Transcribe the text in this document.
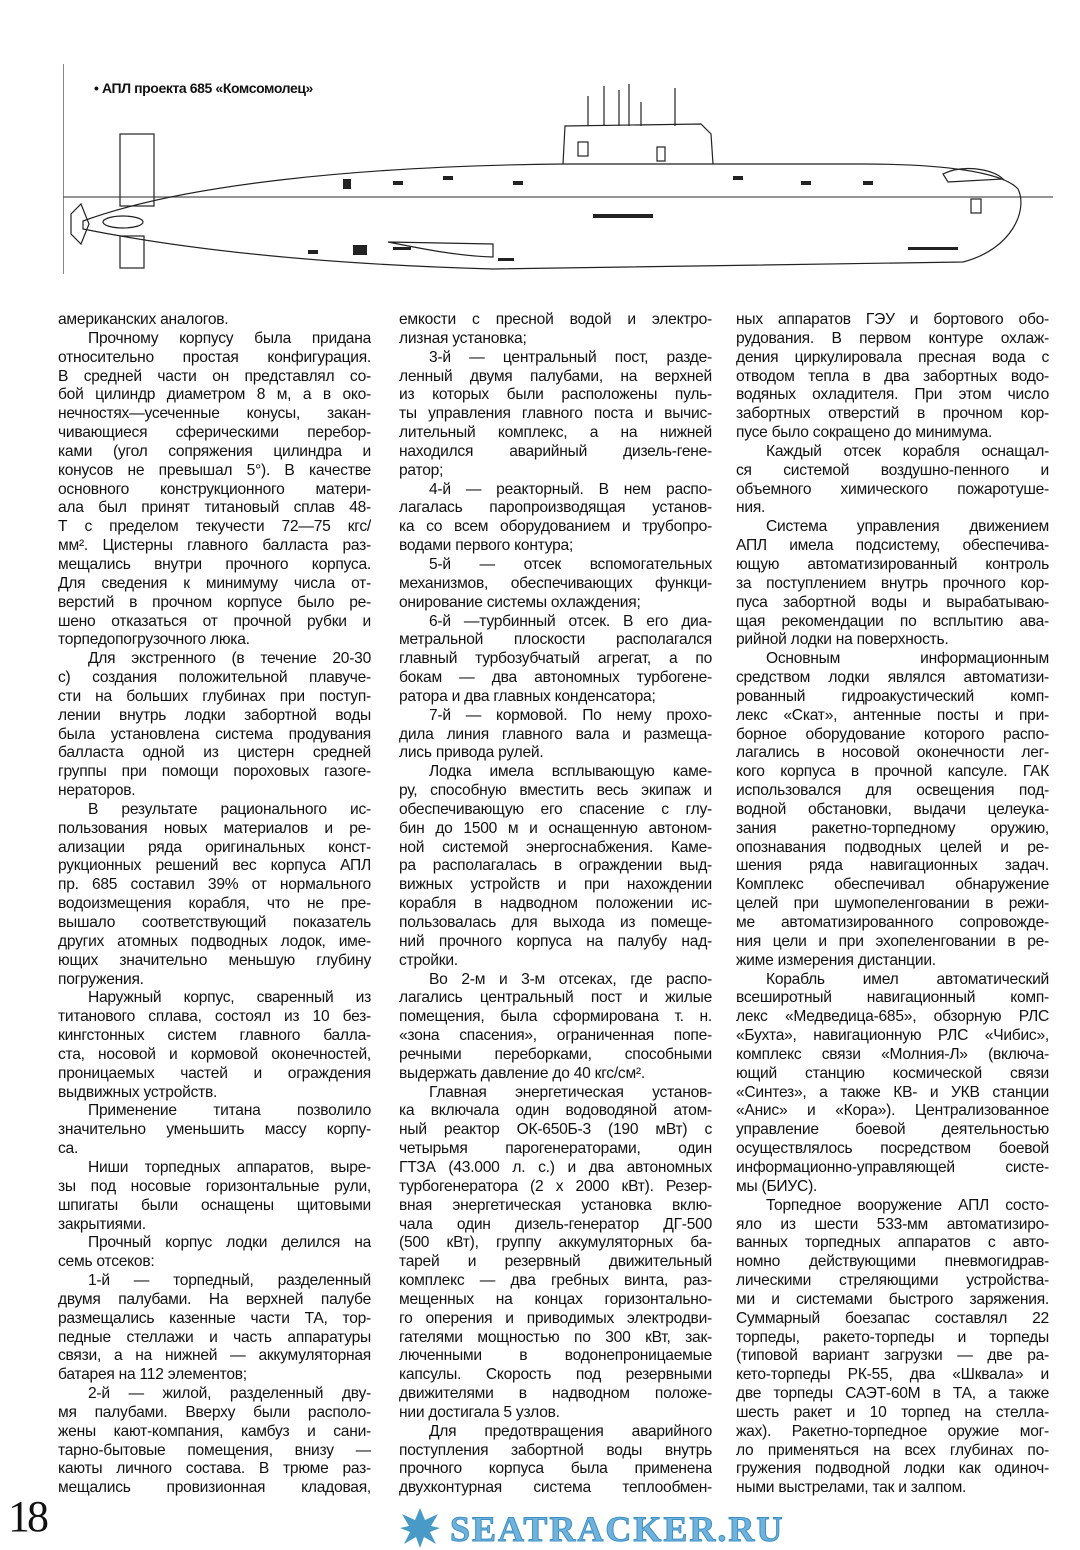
• АПЛ проекта 685 «Комсомолец»
американских аналогов.
Прочному корпусу была придана
относительно простая конфигурация.
В средней части он представлял со-
бой цилиндр диаметром 8 м, а в око-
нечностях—усеченные конусы, закан-
чивающиеся сферическими перебор-
ками (угол сопряжения цилиндра и
конусов не превышал 5°). В качестве
основного конструкционного матери-
ала был принят титановый сплав 48-
Т с пределом текучести 72—75 кгс/
мм². Цистерны главного балласта раз-
мещались внутри прочного корпуса.
Для сведения к минимуму числа от-
верстий в прочном корпусе было ре-
шено отказаться от прочной рубки и
торпедопогрузочного люка.
Для экстренного (в течение 20-30
с) создания положительной плавуче-
сти на больших глубинах при поступ-
лении внутрь лодки забортной воды
была установлена система продувания
балласта одной из цистерн средней
группы при помощи пороховых газоге-
нераторов.
В результате рационального ис-
пользования новых материалов и ре-
ализации ряда оригинальных конст-
рукционных решений вес корпуса АПЛ
пр. 685 составил 39% от нормального
водоизмещения корабля, что не пре-
вышало соответствующий показатель
других атомных подводных лодок, име-
ющих значительно меньшую глубину
погружения.
Наружный корпус, сваренный из
титанового сплава, состоял из 10 без-
кингстонных систем главного балла-
ста, носовой и кормовой оконечностей,
проницаемых частей и ограждения
выдвижных устройств.
Применение титана позволило
значительно уменьшить массу корпу-
са.
Ниши торпедных аппаратов, выре-
зы под носовые горизонтальные рули,
шпигаты были оснащены щитовыми
закрытиями.
Прочный корпус лодки делился на
семь отсеков:
1-й — торпедный, разделенный
двумя палубами. На верхней палубе
размещались казенные части ТА, тор-
педные стеллажи и часть аппаратуры
связи, а на нижней — аккумуляторная
батарея на 112 элементов;
2-й — жилой, разделенный дву-
мя палубами. Вверху были располо-
жены кают-компания, камбуз и сани-
тарно-бытовые помещения, внизу —
каюты личного состава. В трюме раз-
мещались провизионная кладовая,
емкости с пресной водой и электро-
лизная установка;
3-й — центральный пост, разде-
ленный двумя палубами, на верхней
из которых были расположены пуль-
ты управления главного поста и вычис-
лительный комплекс, а на нижней
находился аварийный дизель-гене-
ратор;
4-й — реакторный. В нем распо-
лагалась паропроизводящая установ-
ка со всем оборудованием и трубопро-
водами первого контура;
5-й — отсек вспомогательных
механизмов, обеспечивающих функци-
онирование системы охлаждения;
6-й —турбинный отсек. В его диа-
метральной плоскости располагался
главный турбозубчатый агрегат, а по
бокам — два автономных турбогене-
ратора и два главных конденсатора;
7-й — кормовой. По нему прохо-
дила линия главного вала и размеща-
лись привода рулей.
Лодка имела всплывающую каме-
ру, способную вместить весь экипаж и
обеспечивающую его спасение с глу-
бин до 1500 м и оснащенную автоном-
ной системой энергоснабжения. Каме-
ра располагалась в ограждении выд-
вижных устройств и при нахождении
корабля в надводном положении ис-
пользовалась для выхода из помеще-
ний прочного корпуса на палубу над-
стройки.
Во 2-м и 3-м отсеках, где распо-
лагались центральный пост и жилые
помещения, была сформирована т. н.
«зона спасения», ограниченная попе-
речными переборками, способными
выдержать давление до 40 кгс/см².
Главная энергетическая установ-
ка включала один водоводяной атом-
ный реактор ОК-650Б-3 (190 мВт) с
четырьмя парогенераторами, один
ГТЗА (43.000 л. с.) и два автономных
турбогенератора (2 х 2000 кВт). Резер-
вная энергетическая установка вклю-
чала один дизель-генератор ДГ-500
(500 кВт), группу аккумуляторных ба-
тарей и резервный движительный
комплекс — два гребных винта, раз-
мещенных на концах горизонтально-
го оперения и приводимых электродви-
гателями мощностью по 300 кВт, зак-
люченными в водонепроницаемые
капсулы. Скорость под резервными
движителями в надводном положе-
нии достигала 5 узлов.
Для предотвращения аварийного
поступления забортной воды внутрь
прочного корпуса была применена
двухконтурная система теплообмен-
ных аппаратов ГЭУ и бортового обо-
рудования. В первом контуре охлаж-
дения циркулировала пресная вода с
отводом тепла в два забортных водо-
водяных охладителя. При этом число
забортных отверстий в прочном кор-
пусе было сокращено до минимума.
Каждый отсек корабля оснащал-
ся системой воздушно-пенного и
объемного химического пожаротуше-
ния.
Система управления движением
АПЛ имела подсистему, обеспечива-
ющую автоматизированный контроль
за поступлением внутрь прочного кор-
пуса забортной воды и вырабатываю-
щая рекомендации по всплытию ава-
рийной лодки на поверхность.
Основным информационным
средством лодки являлся автоматизи-
рованный гидроакустический комп-
лекс «Скат», антенные посты и при-
борное оборудование которого распо-
лагались в носовой оконечности лег-
кого корпуса в прочной капсуле. ГАК
использовался для освещения под-
водной обстановки, выдачи целеука-
зания ракетно-торпедному оружию,
опознавания подводных целей и ре-
шения ряда навигационных задач.
Комплекс обеспечивал обнаружение
целей при шумопеленговании в режи-
ме автоматизированного сопровожде-
ния цели и при эхопеленговании в ре-
жиме измерения дистанции.
Корабль имел автоматический
всеширотный навигационный комп-
лекс «Медведица-685», обзорную РЛС
«Бухта», навигационную РЛС «Чибис»,
комплекс связи «Молния-Л» (включа-
ющий станцию космической связи
«Синтез», а также КВ- и УКВ станции
«Анис» и «Кора»). Централизованное
управление боевой деятельностью
осуществлялось посредством боевой
информационно-управляющей систе-
мы (БИУС).
Торпедное вооружение АПЛ состо-
яло из шести 533-мм автоматизиро-
ванных торпедных аппаратов с авто-
номно действующими пневмогидрав-
лическими стреляющими устройства-
ми и системами быстрого заряжения.
Суммарный боезапас составлял 22
торпеды, ракето-торпеды и торпеды
(типовой вариант загрузки — две ра-
кето-торпеды РК-55, два «Шквала» и
две торпеды САЭТ-60М в ТА, а также
шесть ракет и 10 торпед на стелла-
жах). Ракетно-торпедное оружие мог-
ло применяться на всех глубинах по-
гружения подводной лодки как одиноч-
ными выстрелами, так и залпом.
SEATRACKER.RU
18
